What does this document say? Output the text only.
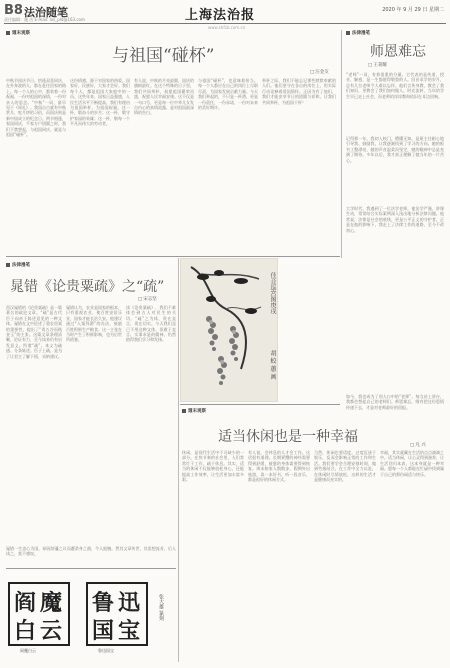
B8 法治随笔
责任编辑：施 洁 E-mail: lxs_pld@163.com	上海法治报	2020 年 9 月 29 日 星期二
www.shfzb.com.cn
週末观察
与祖国“碰杯”
□ 汪金友
中秋节国庆节日，恰逢双喜同庆，在外奔波的人，都在赶往回家的路上。每一个人的心中，都装着一份祝福，一份对祖国的深情，一份对亲人的思念。“中秋”一词，最早见于《周礼》。我国自古就有中秋赏月、吃月饼的习俗，而国庆则是新中国成立的纪念日。两节相逢，家国同庆，千家万户团圆之时，我们不禁想起，与祖国同庆，就是与祖国“碰杯”。
这份情感，源于对国家的热爱。国家好，民族好，大家才会好。我们每个人，都是祖国大家庭中的一员。这些年来，国家日益强盛，人民生活水平不断提高，我们有理由为祖国举杯，为祖国祝福。这一杯，敬奋斗的岁月；这一杯，敬守护家园的英雄；这一杯，敬每一个平凡而伟大的劳动者。
有人说，中秋的月亮最圆，国庆的旗帜最红。在这个特殊的日子里，我们共同举杯，祝愿祖国繁荣昌盛，祝愿人民幸福安康。这不仅是一句口号，更是每一位中华儿女发自内心的真情流露，是对祖国最深情的告白。
与祖国“碰杯”，也意味着担当。每一个人都应在自己的岗位上尽职尽责，为国家发展贡献力量。今天我们举起的，不只是一杯酒，更是一份责任，一份承诺，一份对未来的美好期许。
举杯之际，我们不能忘记那些默默奉献的人们。他们坚守在各自的岗位上，用实际行动诠释着爱国情怀。正因为有了他们，我们才能安享节日的团圆与祥和。让我们共同举杯，为祖国干杯！
法律漫笔
师恩难忘
□ 王秉耀
“老师”一词，有着很重的分量。它代表的是传道、授业、解惑，是一生都值得敬重的人。回首求学的岁月，总有几位老师令人难以忘怀。他们言传身教，教会了我们知识，更教会了我们如何做人。时光流转，当年的学生早已走上社会，而老师的谆谆教诲依旧在耳边回响。
记得那一年，我初入校门，懵懂无知。是班主任耐心地引导我、鼓励我，让我逐渐找到了学习的方向。她的板书工整漂亮，她的声音温柔而坚定，她的眼神中总是充满了期待。多年以后，我才真正理解了她当年的一片苦心。
大学时代，我遇到了一位法学老师。他治学严谨，讲课生动，常常结合实际案例深入浅出地分析法律问题。他常说，法律是社会的底线，更是公平正义的守护者。正是在他的影响下，我走上了法律工作的道路，至今不改初心。
如今，我也成为了别人口中的“老师”。每当站上讲台，我都会想起自己的老师们。师恩难忘，唯有把这份恩情传递下去，才是对老师最好的回报。
法律漫笔
晁错《论贵粟疏》之“疏”
□ 宋志坚
西汉晁错的《论贵粟疏》是一篇著名的政论文章。“疏”是古代臣子向帝王陈述意见的一种文体。晁错在文中论述了重农贵粟的重要性，提出了“贵五谷而贱金玉”的主张。这篇文章条理清晰，论证有力，至今读来仍有启发意义。所谓“疏”，本义为疏通、分条陈述。臣子上疏，是为了让君主了解下情，采纳建议。
晁错认为，农业是国家的根本，只有重视农业，使百姓安居乐业，国家才能长治久安。他建议通过“入粟拜爵”的办法，鼓励百姓积极生产粮食。这一主张在当时产生了积极影响，也为后世所借鉴。
读《论贵粟疏》，我们不难体会到古人对民生的关切。“疏”之为体，贵在直言，贵在切实。今天我们虽已不用这种文体，但敢于直言、实事求是的精神，仍然值得我们学习和发扬。
晁错一生忠心为国，却因削藩之议而遭杀身之祸，令人扼腕。然其文章传世，其思想流芳，后人读之，莫不感叹。
佳音巡宫图庚戌
胡 蛟 蕙 画
週末观察
适当休闲也是一种幸福
□ 凡 兴
休闲，是现代生活中不可缺少的一部分。在快节奏的社会里，人们常常忙于工作，疏于休息。其实，适当的休闲不仅能够放松身心，还能提高工作效率，让生活更加丰富多彩。
有人说，会休息的人才会工作。这话很有道理。长期紧绷的神经需要得到舒缓，疲惫的身体需要得到恢复。周末陪家人散散步，假期外出旅游，读一本好书，听一段音乐，都是很好的休闲方式。
当然，休闲也要适度。过度沉迷于娱乐，反而会影响正常的工作和生活。我们要学会合理安排时间，做到劳逸结合。在工作中全力以赴，在休闲时尽情放松，这样的生活才是健康而充实的。
幸福，其实就藏在生活的点点滴滴之中。适当休闲，让心灵得到滋养，让生活回归本真，这本身就是一种幸福。愿每一个人都能在忙碌中找到属于自己的那份闲适与快乐。
阎 魔
白 云
阎魔白云
鲁 迅
国 宝
鲁迅国宝
张大雄 篆刻
